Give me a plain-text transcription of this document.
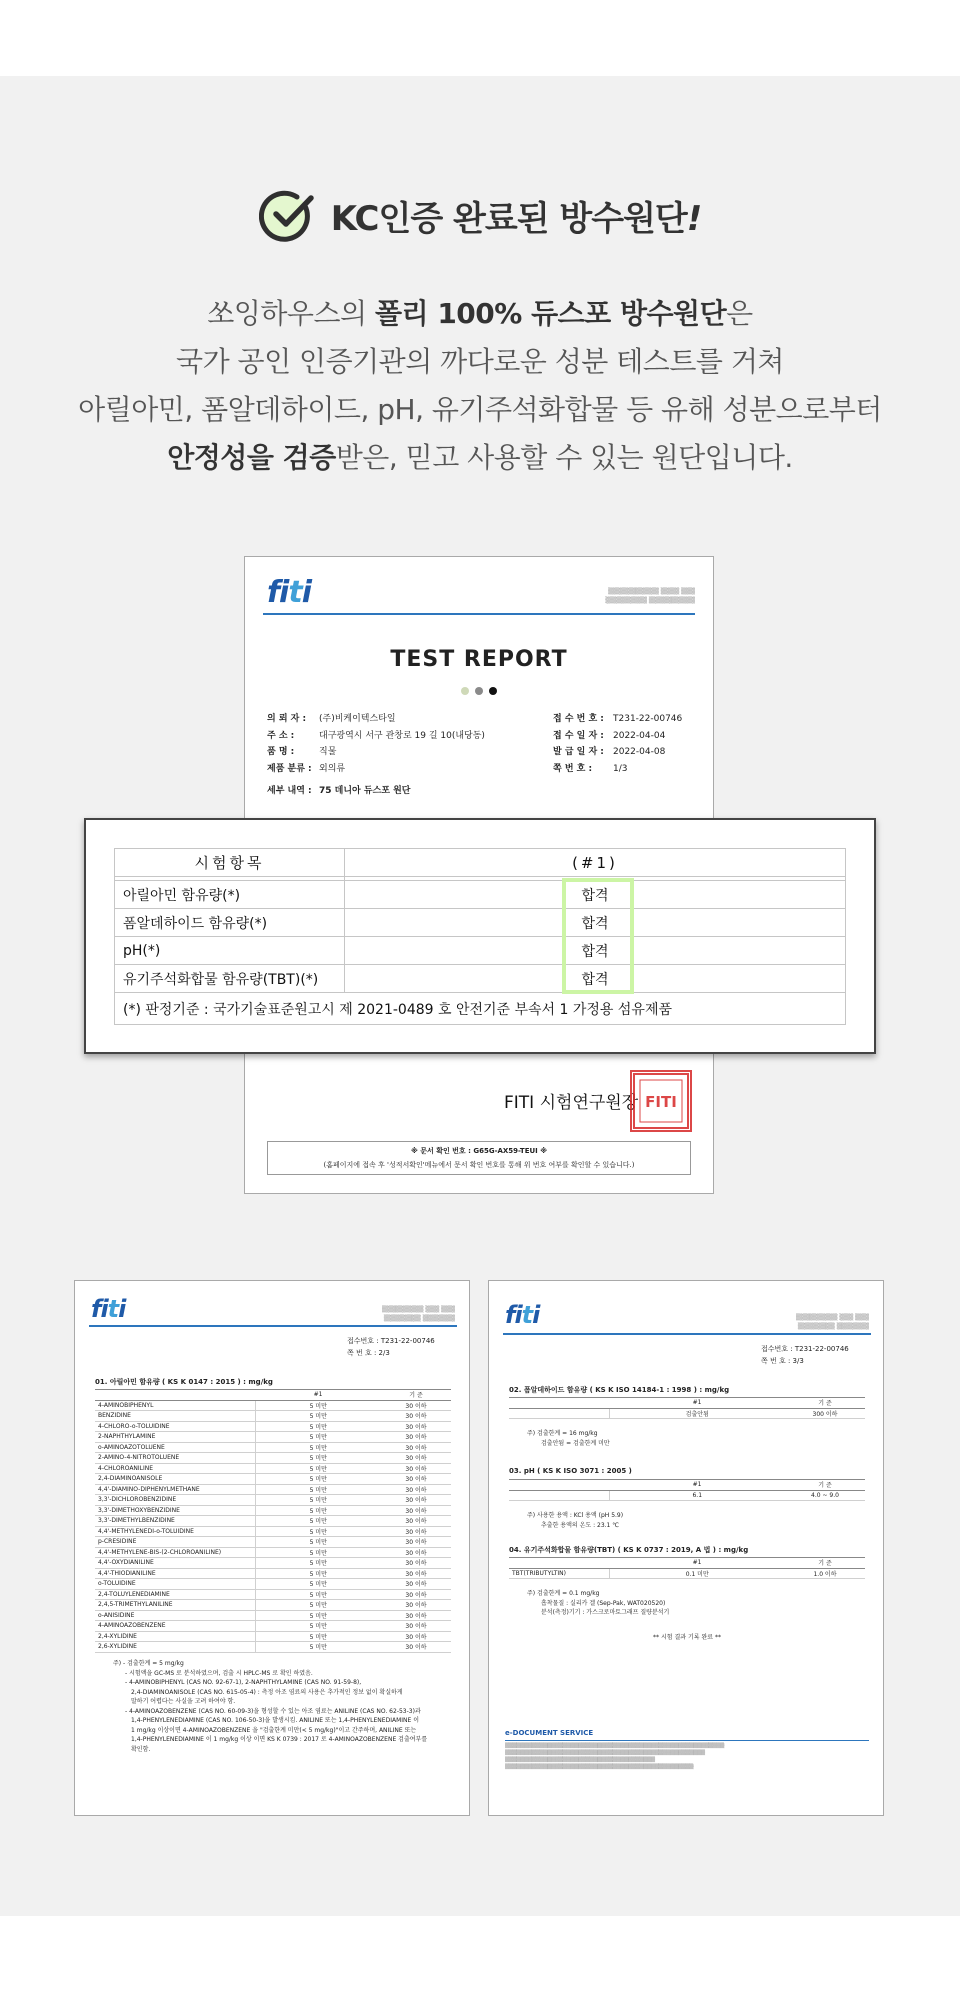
KC인증 완료된 방수원단!
쏘잉하우스의 폴리 100% 듀스포 방수원단은
국가 공인 인증기관의 까다로운 성분 테스트를 거쳐
아릴아민, 폼알데하이드, pH, 유기주석화합물 등 유해 성분으로부터
안정성을 검증받은, 믿고 사용할 수 있는 원단입니다.
fiti	▒▒▒▒▒▒▒▒▒▒▒ ▒▒▒▒ ▒▒▒
▒▒▒▒▒▒▒▒▒ ▒▒▒▒▒▒▒▒▒▒
TEST REPORT
의 뢰 자 : (주)비케이텍스타일
주 소 :	대구광역시 서구 관창로 19 길 10(내당동)
품 명 :	직물
제품 분류 : 외의류
접 수 번 호 : T231-22-00746
접 수 일 자 : 2022-04-04
발 급 일 자 : 2022-04-08
쪽 번 호 : 1/3
세부 내역 : 75 데니아 듀스포 원단
※ 문서 확인 번호 : G65G-AX59-TEUI ※
(홈페이지에 접속 후 '성적서확인'메뉴에서 문서 확인 번호를 통해 위 번호 여부를 확인할 수 있습니다.)
시험항목	(#1)

아릴아민 함유량(*)	합격
폼알데하이드 함유량(*)	합격
pH(*)	합격
유기주석화합물 함유량(TBT)(*)	합격
(*) 판정기준 : 국가기술표준원고시 제 2021-0489 호 안전기준 부속서 1 가정용 섬유제품	
FITI 시험연구원장 FITI
fiti	▒▒▒▒▒▒▒▒▒ ▒▒▒ ▒▒▒
▒▒▒▒▒▒▒▒ ▒▒▒▒▒▒▒
접수번호 : T231-22-00746
쪽 번 호 : 2/3
01. 아릴아민 함유량 ( KS K 0147 : 2015 ) : mg/kg
	#1	기 준
4-AMINOBIPHENYL	5 미만	30 이하
BENZIDINE	5 미만	30 이하
4-CHLORO-o-TOLUIDINE	5 미만	30 이하
2-NAPHTHYLAMINE	5 미만	30 이하
o-AMINOAZOTOLUENE	5 미만	30 이하
2-AMINO-4-NITROTOLUENE	5 미만	30 이하
4-CHLOROANILINE	5 미만	30 이하
2,4-DIAMINOANISOLE	5 미만	30 이하
4,4'-DIAMINO-DIPHENYLMETHANE	5 미만	30 이하
3,3'-DICHLOROBENZIDINE	5 미만	30 이하
3,3'-DIMETHOXYBENZIDINE	5 미만	30 이하
3,3'-DIMETHYLBENZIDINE	5 미만	30 이하
4,4'-METHYLENEDI-o-TOLUIDINE	5 미만	30 이하
p-CRESIDINE	5 미만	30 이하
4,4'-METHYLENE-BIS-(2-CHLOROANILINE)	5 미만	30 이하
4,4'-OXYDIANILINE	5 미만	30 이하
4,4'-THIODIANILINE	5 미만	30 이하
o-TOLUIDINE	5 미만	30 이하
2,4-TOLUYLENEDIAMINE	5 미만	30 이하
2,4,5-TRIMETHYLANILINE	5 미만	30 이하
o-ANISIDINE	5 미만	30 이하
4-AMINOAZOBENZENE	5 미만	30 이하
2,4-XYLIDINE	5 미만	30 이하
2,6-XYLIDINE	5 미만	30 이하
주) - 검출한계 = 5 mg/kg
- 시험액을 GC-MS 로 분석하였으며, 검출 시 HPLC-MS 로 확인 하였음.
- 4-AMINOBIPHENYL (CAS NO. 92-67-1), 2-NAPHTHYLAMINE (CAS NO. 91-59-8),
2,4-DIAMINOANISOLE (CAS NO. 615-05-4) : 측정 아조 염료의 사용은 추가적인 정보 없이 확실하게
말하기 어렵다는 사실을 고려 하여야 함.
- 4-AMINOAZOBENZENE (CAS NO. 60-09-3)을 형성할 수 있는 아조 염료는 ANILINE (CAS NO. 62-53-3)과
1,4-PHENYLENEDIAMINE (CAS NO. 106-50-3)을 발생시킴. ANILINE 또는 1,4-PHENYLENEDIAMINE 이
1 mg/kg 이상이면 4-AMINOAZOBENZENE 을 "검출한계 미만(< 5 mg/kg)"이고 간주하며, ANILINE 또는
1,4-PHENYLENEDIAMINE 이 1 mg/kg 이상 이면 KS K 0739 : 2017 로 4-AMINOAZOBENZENE 검출여부를
확인함.
fiti	▒▒▒▒▒▒▒▒▒ ▒▒▒ ▒▒▒
▒▒▒▒▒▒▒▒ ▒▒▒▒▒▒▒
접수번호 : T231-22-00746
쪽 번 호 : 3/3
02. 폼알데하이드 함유량 ( KS K ISO 14184-1 : 1998 ) : mg/kg
	#1	기 준
	검출안됨	300 이하
주) 검출한계 = 16 mg/kg
검출안됨 = 검출한계 미만
03. pH ( KS K ISO 3071 : 2005 )
	#1	기 준
	6.1	4.0 ~ 9.0
주) 사용한 용액 : KCl 용액 (pH 5.9)
추출한 용액의 온도 : 23.1 ℃
04. 유기주석화합물 함유량(TBT) ( KS K 0737 : 2019, A 법 ) : mg/kg
	#1	기 준
TBT(TRIBUTYLTIN)	0.1 미만	1.0 이하
주) 검출한계 = 0.1 mg/kg
흡착물질 : 실리카 겔 (Sep-Pak, WAT020520)
분석(측정)기기 : 가스크로마토그래프 질량분석기
** 시험 결과 기록 완료 **
e-DOCUMENT SERVICE
▒▒▒▒▒▒▒▒▒▒▒▒▒▒▒▒▒▒▒▒▒▒▒▒▒▒▒▒▒▒▒▒▒▒▒▒▒▒▒▒▒▒▒▒▒▒▒▒▒▒▒▒▒▒▒▒▒
▒▒▒▒▒▒▒▒▒▒▒▒▒▒▒▒▒▒▒▒▒▒▒▒▒▒▒▒▒▒▒▒▒▒▒▒▒▒▒▒▒▒▒▒▒▒▒▒▒▒▒▒
▒▒▒▒▒▒▒▒▒▒▒▒▒▒▒▒▒▒▒▒▒▒▒▒▒▒▒▒▒▒▒▒▒▒▒▒▒▒▒
▒▒▒▒▒▒▒▒▒▒▒▒▒▒▒▒▒▒▒▒▒▒▒▒▒▒▒▒▒▒▒▒▒▒▒▒▒▒▒▒▒▒▒▒▒▒▒▒▒
